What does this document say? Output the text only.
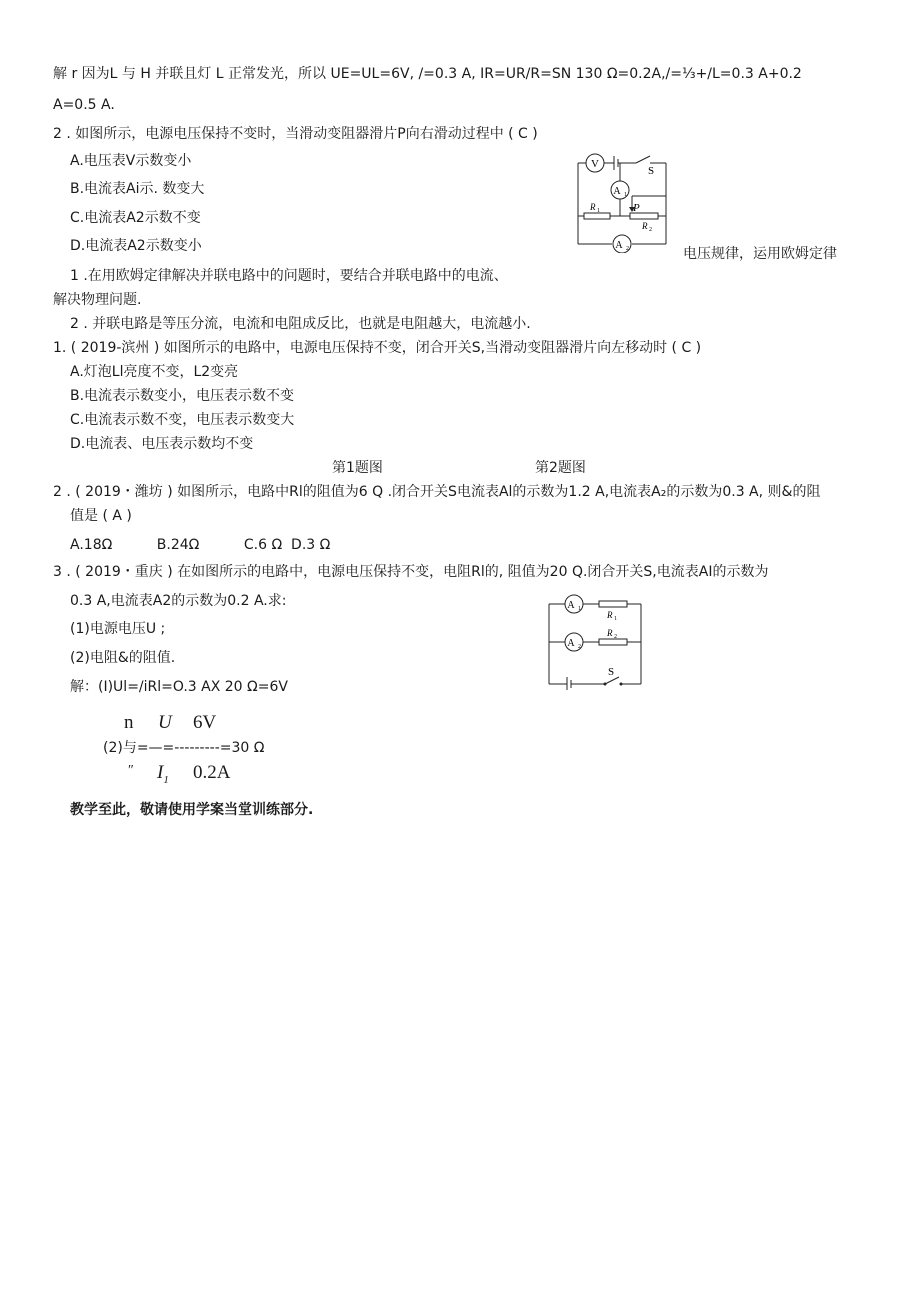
解 r 因为L 与 H 并联且灯 L 正常发光，所以 UE=UL=6V, /=0.3 A, IR=UR/R=SN 130 Ω=0.2A,/=⅓+/L=0.3 A+0.2
A=0.5 A.
2 . 如图所示，电源电压保持不变时，当滑动变阻器滑片P向右滑动过程中 ( C )
A.电压表V示数变小
B.电流表Ai示. 数变大
C.电流表A2示数不变
D.电流表A2示数变小
V
A 1
A 2
S
R 1
R 2
P
1 .在用欧姆定律解决并联电路中的问题时，要结合并联电路中的电流、
电压规律，运用欧姆定律
解决物理问题.
2 . 并联电路是等压分流，电流和电阻成反比，也就是电阻越大，电流越小.
1. ( 2019-滨州 ) 如图所示的电路中，电源电压保持不变，闭合开关S,当滑动变阻器滑片向左移动时 ( C )
A.灯泡Ll亮度不变，L2变亮
B.电流表示数变小，电压表示数不变
C.电流表示数不变，电压表示数变大
D.电流表、电压表示数均不变
第1题图	第2题图
2 . ( 2019・潍坊 ) 如图所示，电路中Rl的阻值为6 Q .闭合开关S电流表Al的示数为1.2 A,电流表A₂的示数为0.3 A, 则&的阻
值是 ( A )
A.18Ω          B.24Ω          C.6 Ω  D.3 Ω
3 . ( 2019・重庆 ) 在如图所示的电路中，电源电压保持不变，电阻Rl的, 阻值为20 Q.闭合开关S,电流表AI的示数为
0.3 A,电流表A2的示数为0.2 A.求:
(1)电源电压U ;
(2)电阻&的阻值.
解：(I)Ul=/iRl=O.3 AX 20 Ω=6V
A 1
A 2
R 1
R 2
S
n U 6V
(2)与=—=---------=30 Ω
″ $I_1$ 0.2A
教学至此，敬请使用学案当堂训练部分.
